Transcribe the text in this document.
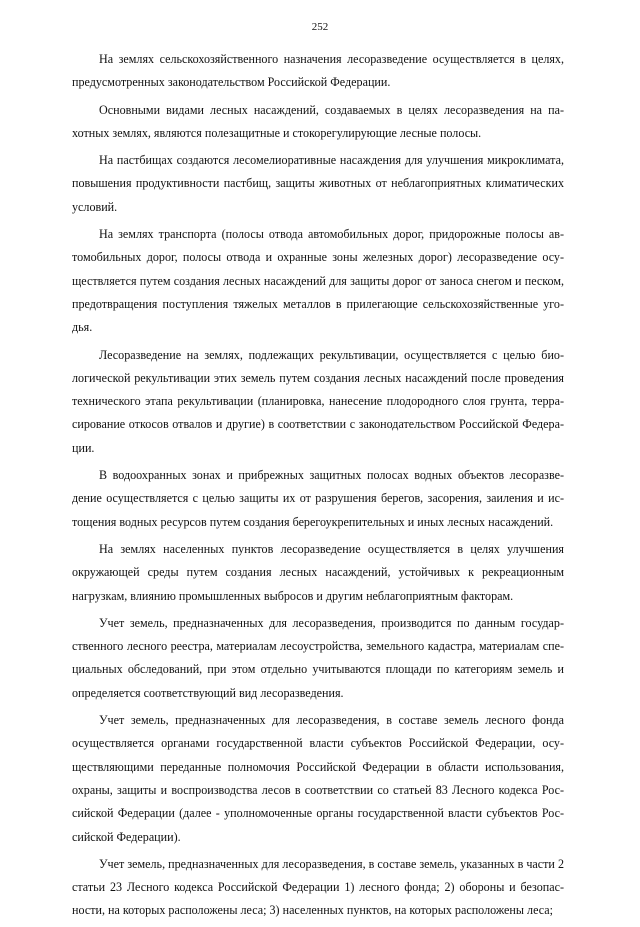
252

На землях сельскохозяйственного назначения лесоразведение осуществляется в целях, предусмотренных законодательством Российской Федерации.

Основными видами лесных насаждений, создаваемых в целях лесоразведения на пахотных землях, являются полезащитные и стокорегулирующие лесные полосы.

На пастбищах создаются лесомелиоративные насаждения для улучшения микроклимата, повышения продуктивности пастбищ, защиты животных от неблагоприятных климатических условий.

На землях транспорта (полосы отвода автомобильных дорог, придорожные полосы автомобильных дорог, полосы отвода и охранные зоны железных дорог) лесоразведение осуществляется путем создания лесных насаждений для защиты дорог от заноса снегом и песком, предотвращения поступления тяжелых металлов в прилегающие сельскохозяйственные угодья.

Лесоразведение на землях, подлежащих рекультивации, осуществляется с целью биологической рекультивации этих земель путем создания лесных насаждений после проведения технического этапа рекультивации (планировка, нанесение плодородного слоя грунта, террасирование откосов отвалов и другие) в соответствии с законодательством Российской Федерации.

В водоохранных зонах и прибрежных защитных полосах водных объектов лесоразведение осуществляется с целью защиты их от разрушения берегов, засорения, заиления и истощения водных ресурсов путем создания берегоукрепительных и иных лесных насаждений.

На землях населенных пунктов лесоразведение осуществляется в целях улучшения окружающей среды путем создания лесных насаждений, устойчивых к рекреационным нагрузкам, влиянию промышленных выбросов и другим неблагоприятным факторам.

Учет земель, предназначенных для лесоразведения, производится по данным государственного лесного реестра, материалам лесоустройства, земельного кадастра, материалам специальных обследований, при этом отдельно учитываются площади по категориям земель и определяется соответствующий вид лесоразведения.

Учет земель, предназначенных для лесоразведения, в составе земель лесного фонда осуществляется органами государственной власти субъектов Российской Федерации, осуществляющими переданные полномочия Российской Федерации в области использования, охраны, защиты и воспроизводства лесов в соответствии со статьей 83 Лесного кодекса Российской Федерации (далее - уполномоченные органы государственной власти субъектов Российской Федерации).

Учет земель, предназначенных для лесоразведения, в составе земель, указанных в части 2 статьи 23 Лесного кодекса Российской Федерации 1) лесного фонда; 2) обороны и безопасности, на которых расположены леса; 3) населенных пунктов, на которых расположены леса;
